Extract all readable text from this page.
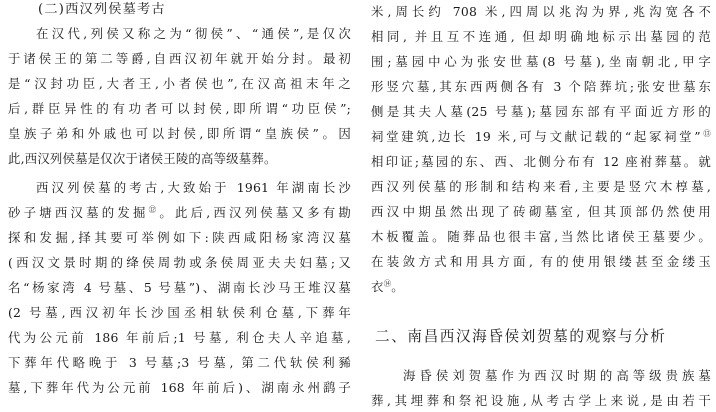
(二)西汉列侯墓考古
在汉代,列侯又称之为“彻侯”、“通侯”,是仅次
于诸侯王的第二等爵,自西汉初年就开始分封。最初
是“汉封功臣,大者王,小者侯也”,在汉高祖末年之
后,群臣异性的有功者可以封侯,即所谓“功臣侯”;
皇族子弟和外戚也可以封侯,即所谓“皇族侯”。因
此,西汉列侯墓是仅次于诸侯王陵的高等级墓葬。
西汉列侯墓的考古,大致始于 1961 年湖南长沙
砂子塘西汉墓的发掘⑫。此后,西汉列侯墓又多有勘
探和发掘,择其要可举例如下:陕西咸阳杨家湾汉墓
(西汉文景时期的绛侯周勃或条侯周亚夫夫妇墓;又
名“杨家湾 4 号墓、5 号墓”)、湖南长沙马王堆汉墓
(2 号墓,西汉初年长沙国丞相轪侯利仓墓,下葬年
代为公元前 186 年前后;1 号墓, 利仓夫人辛追墓,
下葬年代略晚于 3 号墓;3 号墓, 第二代轪侯利豨
墓,下葬年代为公元前 168 年前后)、湖南永州鹞子
米,周长约 708 米,四周以兆沟为界,兆沟宽各不
相同, 并且互不连通, 但却明确地标示出墓园的范
围;墓园中心为张安世墓(8 号墓),坐南朝北,甲字
形竖穴墓,其东西两侧各有 3 个陪葬坑;张安世墓东
侧是其夫人墓(25 号墓);墓园东部有平面近方形的
祠堂建筑,边长 19 米,可与文献记载的“起冢祠堂”⑬
相印证;墓园的东、西、北侧分布有 12 座祔葬墓。就
西汉列侯墓的形制和结构来看,主要是竖穴木椁墓,
西汉中期虽然出现了砖砌墓室, 但其顶部仍然使用
木板覆盖。随葬品也很丰富,当然比诸侯王墓要少。
在装敛方式和用具方面, 有的使用银缕甚至金缕玉
衣⑭。
二、南昌西汉海昏侯刘贺墓的观察与分析
海昏侯刘贺墓作为西汉时期的高等级贵族墓
葬,其埋葬和祭祀设施,从考古学上来说,是由若干
